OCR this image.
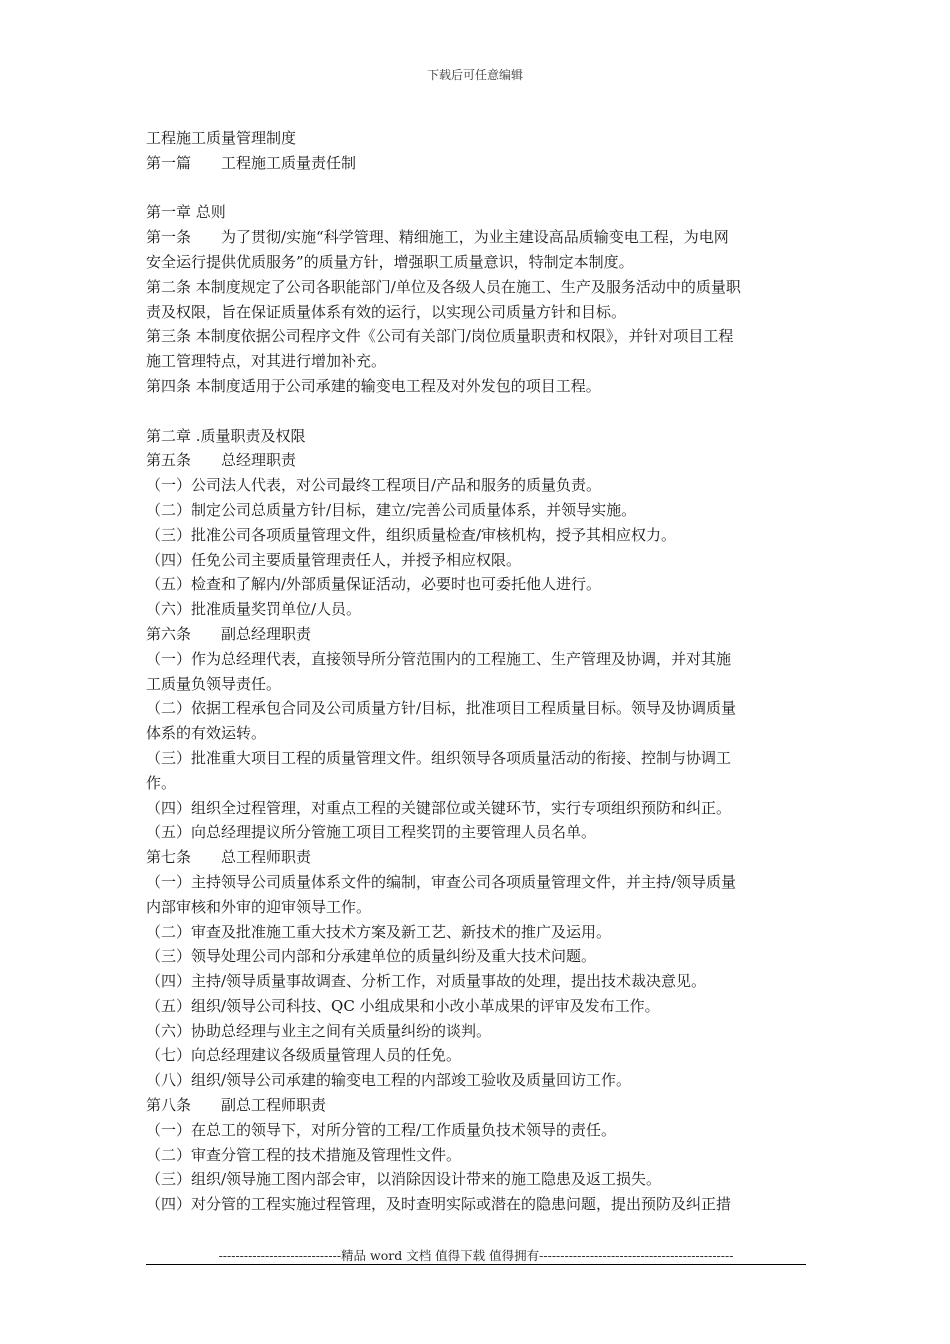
下载后可任意编辑

工程施工质量管理制度

第一篇　　工程施工质量责任制

第一章 总则

第一条　　为了贯彻/实施“科学管理、精细施工，为业主建设高品质输变电工程，为电网

安全运行提供优质服务”的质量方针，增强职工质量意识，特制定本制度。

第二条 本制度规定了公司各职能部门/单位及各级人员在施工、生产及服务活动中的质量职

责及权限，旨在保证质量体系有效的运行，以实现公司质量方针和目标。

第三条 本制度依据公司程序文件《公司有关部门/岗位质量职责和权限》，并针对项目工程

施工管理特点，对其进行增加补充。

第四条 本制度适用于公司承建的输变电工程及对外发包的项目工程。

第二章 .质量职责及权限

第五条　　总经理职责

（一）公司法人代表，对公司最终工程项目/产品和服务的质量负责。

（二）制定公司总质量方针/目标，建立/完善公司质量体系，并领导实施。

（三）批准公司各项质量管理文件，组织质量检查/审核机构，授予其相应权力。

（四）任免公司主要质量管理责任人，并授予相应权限。

（五）检查和了解内/外部质量保证活动，必要时也可委托他人进行。

（六）批准质量奖罚单位/人员。

第六条　　副总经理职责

（一）作为总经理代表，直接领导所分管范围内的工程施工、生产管理及协调，并对其施

工质量负领导责任。

（二）依据工程承包合同及公司质量方针/目标，批准项目工程质量目标。领导及协调质量

体系的有效运转。

（三）批准重大项目工程的质量管理文件。组织领导各项质量活动的衔接、控制与协调工

作。

（四）组织全过程管理，对重点工程的关键部位或关键环节，实行专项组织预防和纠正。

（五）向总经理提议所分管施工项目工程奖罚的主要管理人员名单。

第七条　　总工程师职责

（一）主持领导公司质量体系文件的编制，审查公司各项质量管理文件，并主持/领导质量

内部审核和外审的迎审领导工作。

（二）审查及批准施工重大技术方案及新工艺、新技术的推广及运用。

（三）领导处理公司内部和分承建单位的质量纠纷及重大技术问题。

（四）主持/领导质量事故调查、分析工作，对质量事故的处理，提出技术裁决意见。

（五）组织/领导公司科技、QC 小组成果和小改小革成果的评审及发布工作。

（六）协助总经理与业主之间有关质量纠纷的谈判。

（七）向总经理建议各级质量管理人员的任免。

（八）组织/领导公司承建的输变电工程的内部竣工验收及质量回访工作。

第八条　　副总工程师职责

（一）在总工的领导下，对所分管的工程/工作质量负技术领导的责任。

（二）审查分管工程的技术措施及管理性文件。

（三）组织/领导施工图内部会审，以消除因设计带来的施工隐患及返工损失。

（四）对分管的工程实施过程管理，及时查明实际或潜在的隐患问题，提出预防及纠正措

-----------------------------精品 word 文档 值得下载 值得拥有----------------------------------------------
